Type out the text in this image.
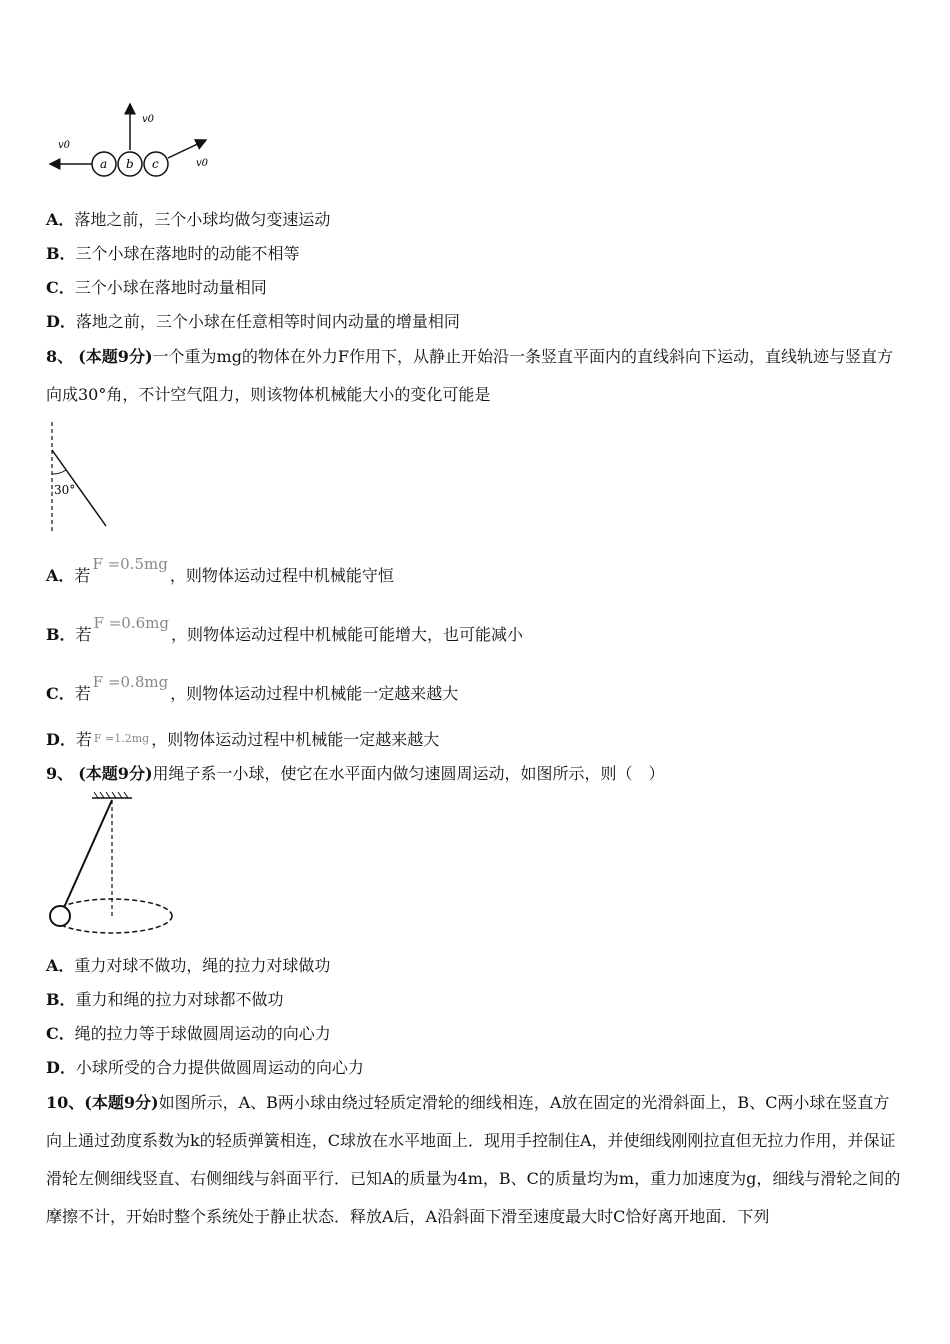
a b c
v0
v0
v0
A．落地之前，三个小球均做匀变速运动
B．三个小球在落地时的动能不相等
C．三个小球在落地时动量相同
D．落地之前，三个小球在任意相等时间内动量的增量相同
8、 (本题9分)一个重为mg的物体在外力F作用下，从静止开始沿一条竖直平面内的直线斜向下运动，直线轨迹与竖直方向成30°角，不计空气阻力，则该物体机械能大小的变化可能是
30°
A．若F =0.5mg，则物体运动过程中机械能守恒
B．若F =0.6mg，则物体运动过程中机械能可能增大，也可能减小
C．若F =0.8mg，则物体运动过程中机械能一定越来越大
D．若 F =1.2mg ，则物体运动过程中机械能一定越来越大
9、 (本题9分)用绳子系一小球，使它在水平面内做匀速圆周运动，如图所示，则（　）
A．重力对球不做功，绳的拉力对球做功
B．重力和绳的拉力对球都不做功
C．绳的拉力等于球做圆周运动的向心力
D．小球所受的合力提供做圆周运动的向心力
10、(本题9分)如图所示，A、B两小球由绕过轻质定滑轮的细线相连，A放在固定的光滑斜面上，B、C两小球在竖直方向上通过劲度系数为k的轻质弹簧相连，C球放在水平地面上．现用手控制住A，并使细线刚刚拉直但无拉力作用，并保证滑轮左侧细线竖直、右侧细线与斜面平行．已知A的质量为4m，B、C的质量均为m，重力加速度为g，细线与滑轮之间的摩擦不计，开始时整个系统处于静止状态．释放A后，A沿斜面下滑至速度最大时C恰好离开地面．下列
